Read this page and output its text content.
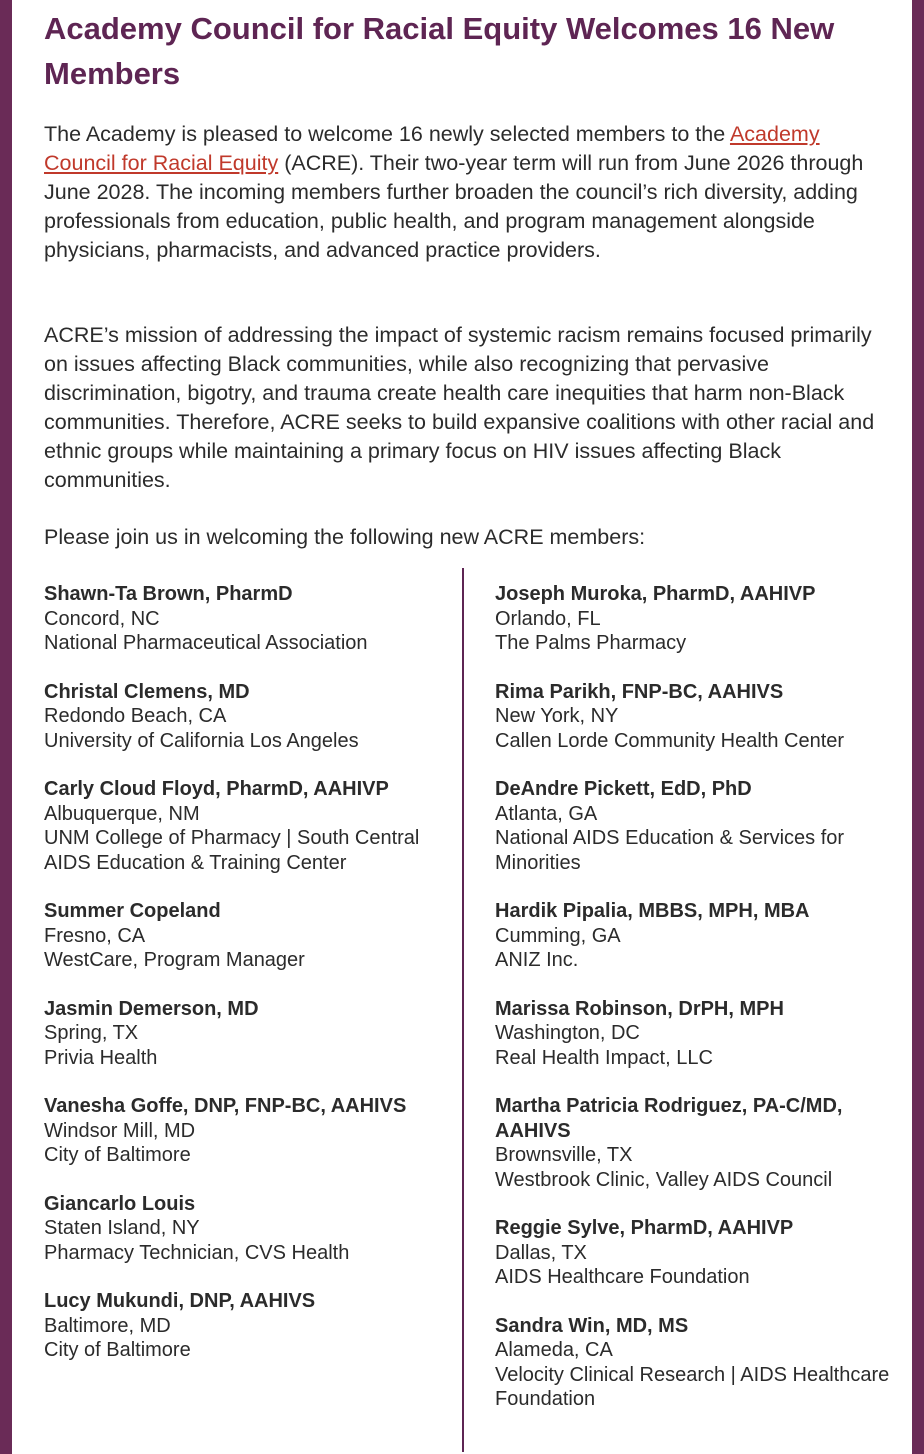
Academy Council for Racial Equity Welcomes 16 New Members

The Academy is pleased to welcome 16 newly selected members to the Academy Council for Racial Equity (ACRE). Their two-year term will run from June 2026 through June 2028. The incoming members further broaden the council’s rich diversity, adding professionals from education, public health, and program management alongside physicians, pharmacists, and advanced practice providers.

ACRE’s mission of addressing the impact of systemic racism remains focused primarily on issues affecting Black communities, while also recognizing that pervasive discrimination, bigotry, and trauma create health care inequities that harm non-Black communities. Therefore, ACRE seeks to build expansive coalitions with other racial and ethnic groups while maintaining a primary focus on HIV issues affecting Black communities.

Please join us in welcoming the following new ACRE members:

Shawn-Ta Brown, PharmD
Concord, NC
National Pharmaceutical Association
Christal Clemens, MD
Redondo Beach, CA
University of California Los Angeles
Carly Cloud Floyd, PharmD, AAHIVP
Albuquerque, NM
UNM College of Pharmacy | South Central AIDS Education & Training Center
Summer Copeland
Fresno, CA
WestCare, Program Manager
Jasmin Demerson, MD
Spring, TX
Privia Health
Vanesha Goffe, DNP, FNP-BC, AAHIVS
Windsor Mill, MD
City of Baltimore
Giancarlo Louis
Staten Island, NY
Pharmacy Technician, CVS Health
Lucy Mukundi, DNP, AAHIVS
Baltimore, MD
City of Baltimore
Joseph Muroka, PharmD, AAHIVP
Orlando, FL
The Palms Pharmacy
Rima Parikh, FNP-BC, AAHIVS
New York, NY
Callen Lorde Community Health Center
DeAndre Pickett, EdD, PhD
Atlanta, GA
National AIDS Education & Services for Minorities
Hardik Pipalia, MBBS, MPH, MBA
Cumming, GA
ANIZ Inc.
Marissa Robinson, DrPH, MPH
Washington, DC
Real Health Impact, LLC
Martha Patricia Rodriguez, PA-C/MD, AAHIVS
Brownsville, TX
Westbrook Clinic, Valley AIDS Council
Reggie Sylve, PharmD, AAHIVP
Dallas, TX
AIDS Healthcare Foundation
Sandra Win, MD, MS
Alameda, CA
Velocity Clinical Research | AIDS Healthcare Foundation
